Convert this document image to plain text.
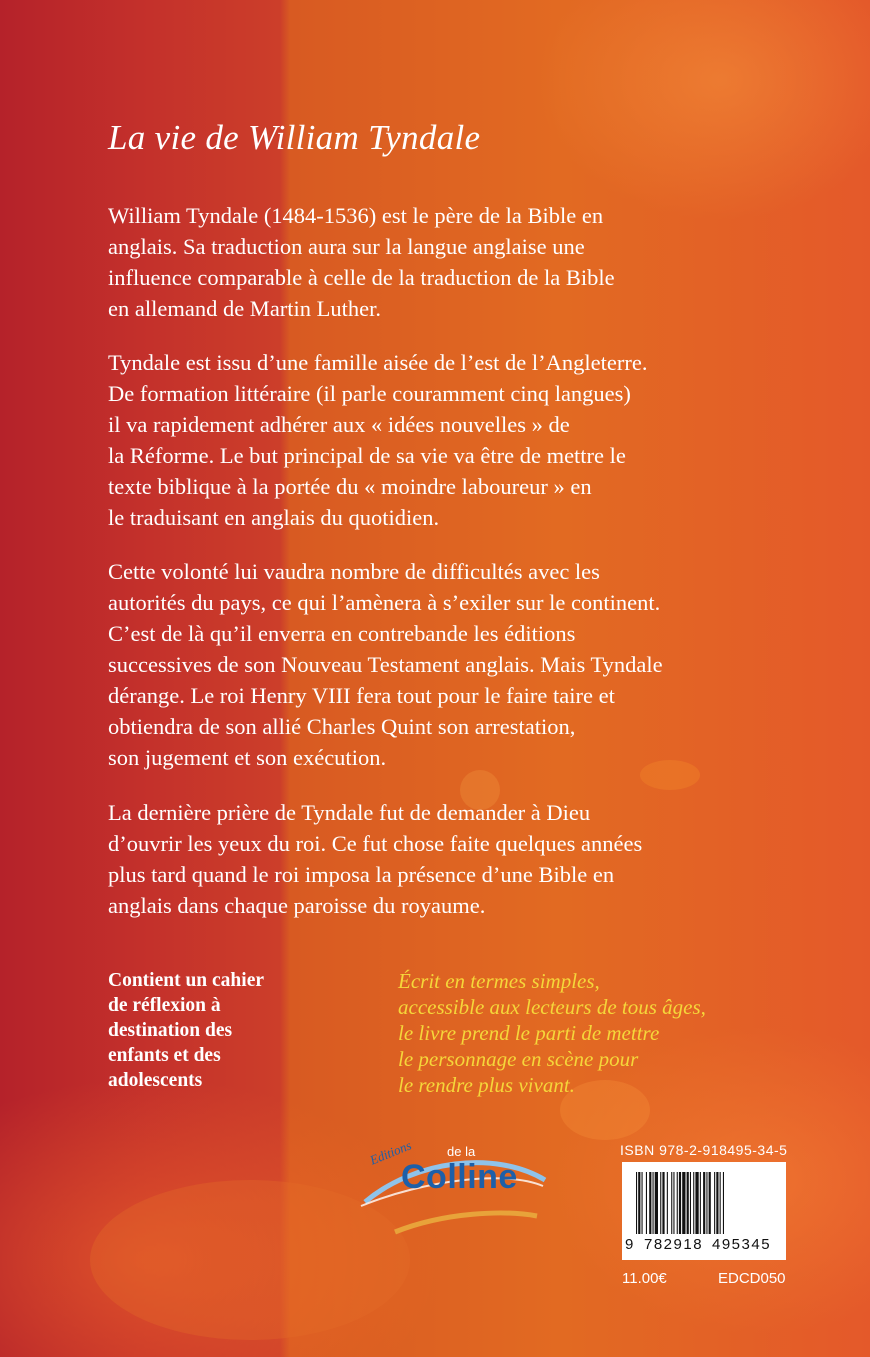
La vie de William Tyndale

William Tyndale (1484-1536) est le père de la Bible en
anglais. Sa traduction aura sur la langue anglaise une
influence comparable à celle de la traduction de la Bible
en allemand de Martin Luther.

Tyndale est issu d’une famille aisée de l’est de l’Angleterre.
De formation littéraire (il parle couramment cinq langues)
il va rapidement adhérer aux « idées nouvelles » de
la Réforme. Le but principal de sa vie va être de mettre le
texte biblique à la portée du « moindre laboureur » en
le traduisant en anglais du quotidien.

Cette volonté lui vaudra nombre de difficultés avec les
autorités du pays, ce qui l’amènera à s’exiler sur le continent.
C’est de là qu’il enverra en contrebande les éditions
successives de son Nouveau Testament anglais. Mais Tyndale
dérange. Le roi Henry VIII fera tout pour le faire taire et
obtiendra de son allié Charles Quint son arrestation,
son jugement et son exécution.

La dernière prière de Tyndale fut de demander à Dieu
d’ouvrir les yeux du roi. Ce fut chose faite quelques années
plus tard quand le roi imposa la présence d’une Bible en
anglais dans chaque paroisse du royaume.

Contient un cahier
de réflexion à
destination des
enfants et des
adolescents

Écrit en termes simples,
accessible aux lecteurs de tous âges,
le livre prend le parti de mettre
le personnage en scène pour
le rendre plus vivant.

Editions	de la
Colline
ISBN 978-2-918495-34-5

9 782918 495345

11.00€	EDCD050
